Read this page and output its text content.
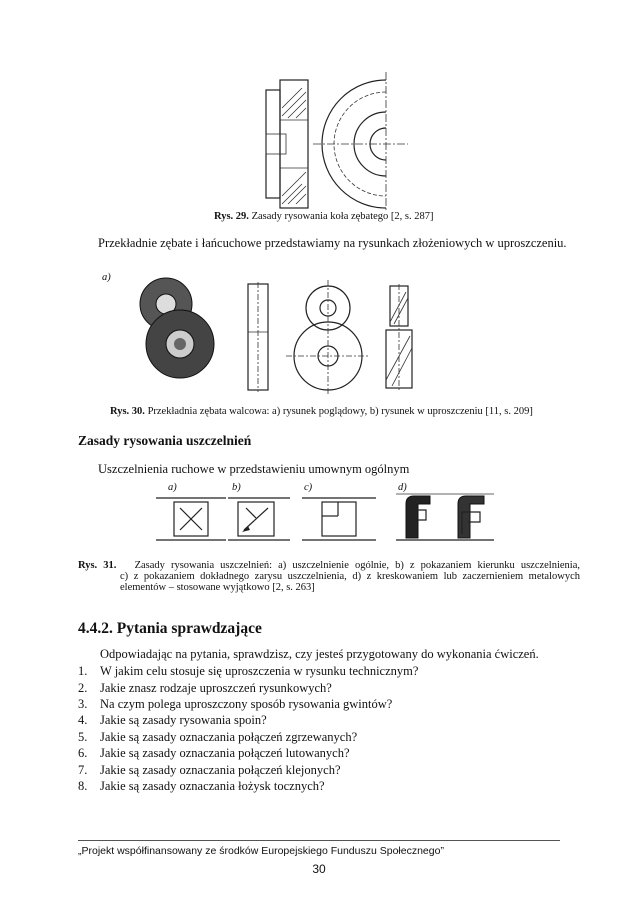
Rys. 29. Zasady rysowania koła zębatego [2, s. 287]
Przekładnie zębate i łańcuchowe przedstawiamy na rysunkach złożeniowych w uproszczeniu.
a)
Rys. 30. Przekładnia zębata walcowa: a) rysunek poglądowy, b) rysunek w uproszczeniu [11, s. 209]
Zasady rysowania uszczelnień
Uszczelnienia ruchowe w przedstawieniu umownym ogólnym
a)	b)	c)	d)
Rys. 31. Zasady rysowania uszczelnień: a) uszczelnienie ogólnie, b) z pokazaniem kierunku uszczelnienia,
c) z pokazaniem dokładnego zarysu uszczelnienia, d) z kreskowaniem lub zaczernieniem metalowych
elementów – stosowane wyjątkowo [2, s. 263]
4.4.2. Pytania sprawdzające
Odpowiadając na pytania, sprawdzisz, czy jesteś przygotowany do wykonania ćwiczeń.
1. W jakim celu stosuje się uproszczenia w rysunku technicznym?
2. Jakie znasz rodzaje uproszczeń rysunkowych?
3. Na czym polega uproszczony sposób rysowania gwintów?
4. Jakie są zasady rysowania spoin?
5. Jakie są zasady oznaczania połączeń zgrzewanych?
6. Jakie są zasady oznaczania połączeń lutowanych?
7. Jakie są zasady oznaczania połączeń klejonych?
8. Jakie są zasady oznaczania łożysk tocznych?
„Projekt współfinansowany ze środków Europejskiego Funduszu Społecznego”
30
